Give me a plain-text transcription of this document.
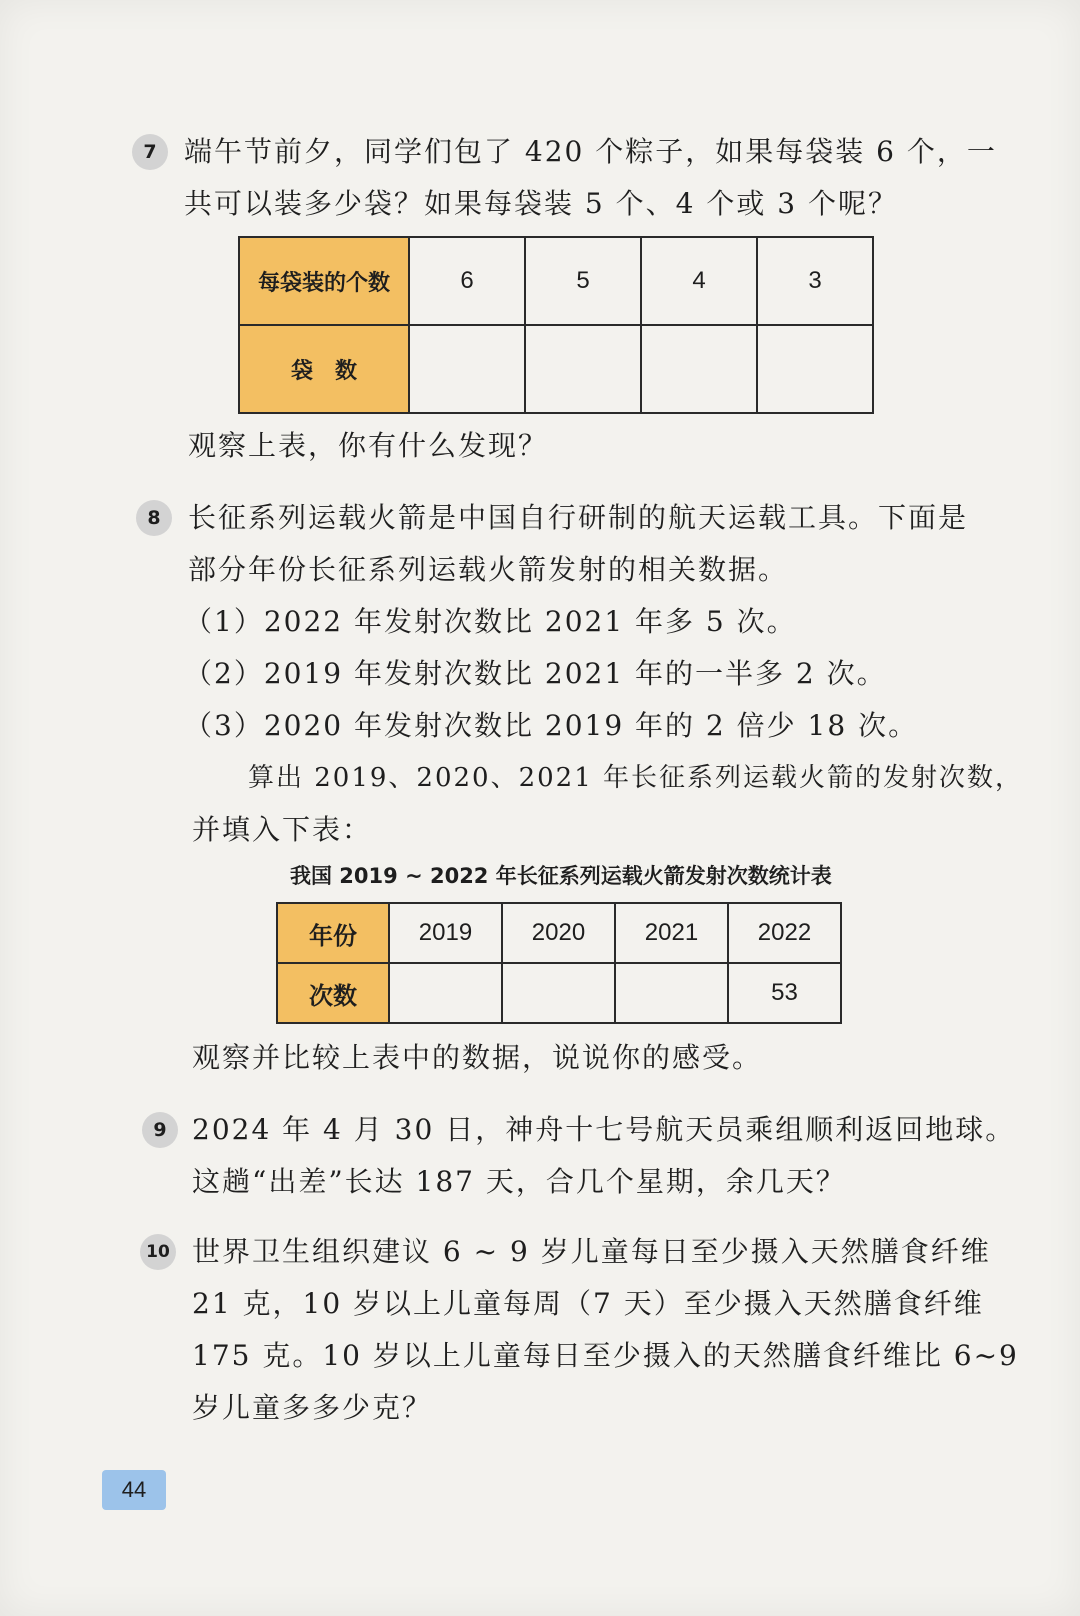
7 端午节前夕，同学们包了 420 个粽子，如果每袋装 6 个，一
共可以装多少袋？如果每袋装 5 个、4 个或 3 个呢？
每袋装的个数	6	5	4	3
袋　数				
观察上表，你有什么发现？
8 长征系列运载火箭是中国自行研制的航天运载工具。下面是
部分年份长征系列运载火箭发射的相关数据。
（1）2022 年发射次数比 2021 年多 5 次。
（2）2019 年发射次数比 2021 年的一半多 2 次。
（3）2020 年发射次数比 2019 年的 2 倍少 18 次。
算出 2019、2020、2021 年长征系列运载火箭的发射次数，
并填入下表：
我国 2019 ~ 2022 年长征系列运载火箭发射次数统计表
年份	2019	2020	2021	2022
次数				53
观察并比较上表中的数据，说说你的感受。
9 2024 年 4 月 30 日，神舟十七号航天员乘组顺利返回地球。
这趟“出差”长达 187 天，合几个星期，余几天？
10 世界卫生组织建议 6 ~ 9 岁儿童每日至少摄入天然膳食纤维
21 克，10 岁以上儿童每周（7 天）至少摄入天然膳食纤维
175 克。10 岁以上儿童每日至少摄入的天然膳食纤维比 6~9
岁儿童多多少克？
44
